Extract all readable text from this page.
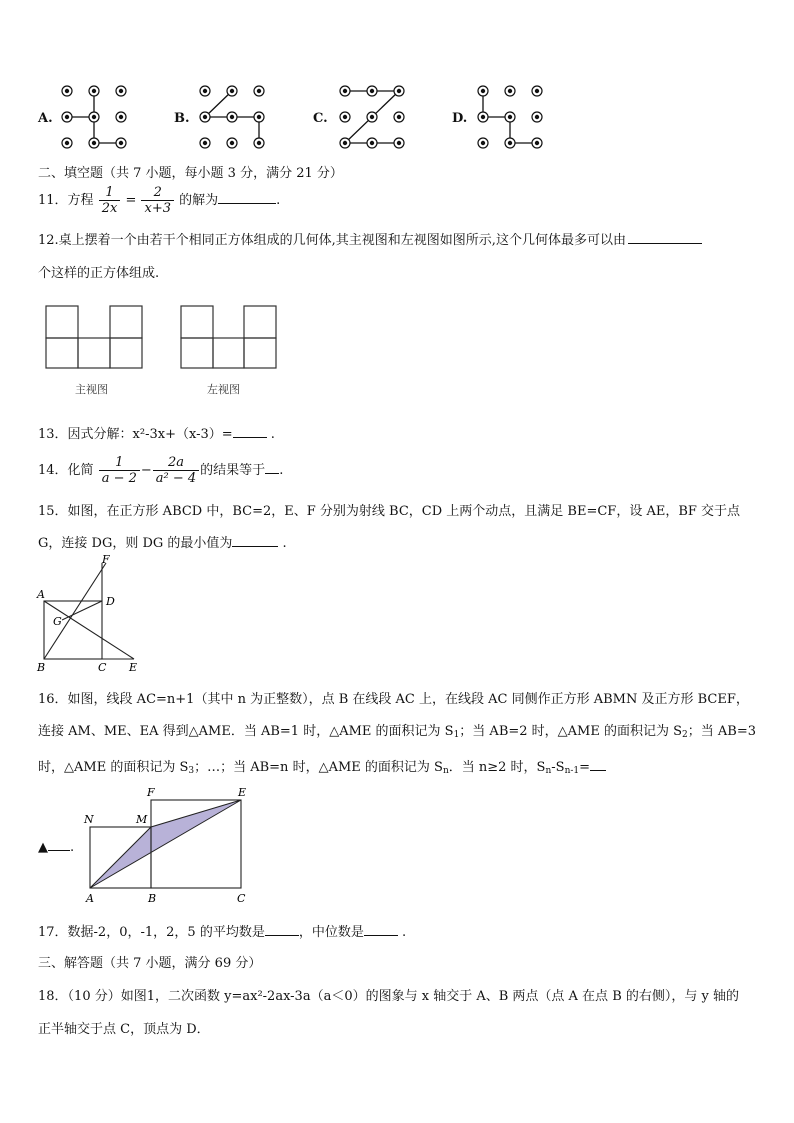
A.	B.	C.	D.
二、填空题（共 7 小题，每小题 3 分，满分 21 分）
11．方程 $\frac{1}{2x} = \frac{2}{x+3}$ 的解为	.
12.桌上摆着一个由若干个相同正方体组成的几何体,其主视图和左视图如图所示,这个几何体最多可以由
个这样的正方体组成.
主视图	左视图
13．因式分解：x²-3x+（x-3）=	.
14．化简 $\frac{1}{a - 2} - \frac{2a}{\text{a² − 4}}$ 的结果等于 .
15．如图，在正方形 ABCD 中，BC=2，E、F 分别为射线 BC，CD 上两个动点，且满足 BE=CF，设 AE，BF 交于点
G，连接 DG，则 DG 的最小值为	.
A
B	C
D
E
F
G
16．如图，线段 AC=n+1（其中 n 为正整数），点 B 在线段 AC 上，在线段 AC 同侧作正方形 ABMN 及正方形 BCEF，
连接 AM、ME、EA 得到△AME．当 AB=1 时，△AME 的面积记为 $S_1$；当 AB=2 时，△AME 的面积记为 $S_2$；当 AB=3
时，△AME 的面积记为 $S_3$；…；当 AB=n 时，△AME 的面积记为 $S_n$．当 n≥2 时，$S_n-S_{n-1}=$
▲ .
N	M
F	E
A	B	C
17．数据-2，0，-1，2，5 的平均数是	，中位数是	.
三、解答题（共 7 小题，满分 69 分）
18．（10 分）如图1，二次函数 y=ax²-2ax-3a（a＜0）的图象与 x 轴交于 A、B 两点（点 A 在点 B 的右侧），与 y 轴的
正半轴交于点 C，顶点为 D．
